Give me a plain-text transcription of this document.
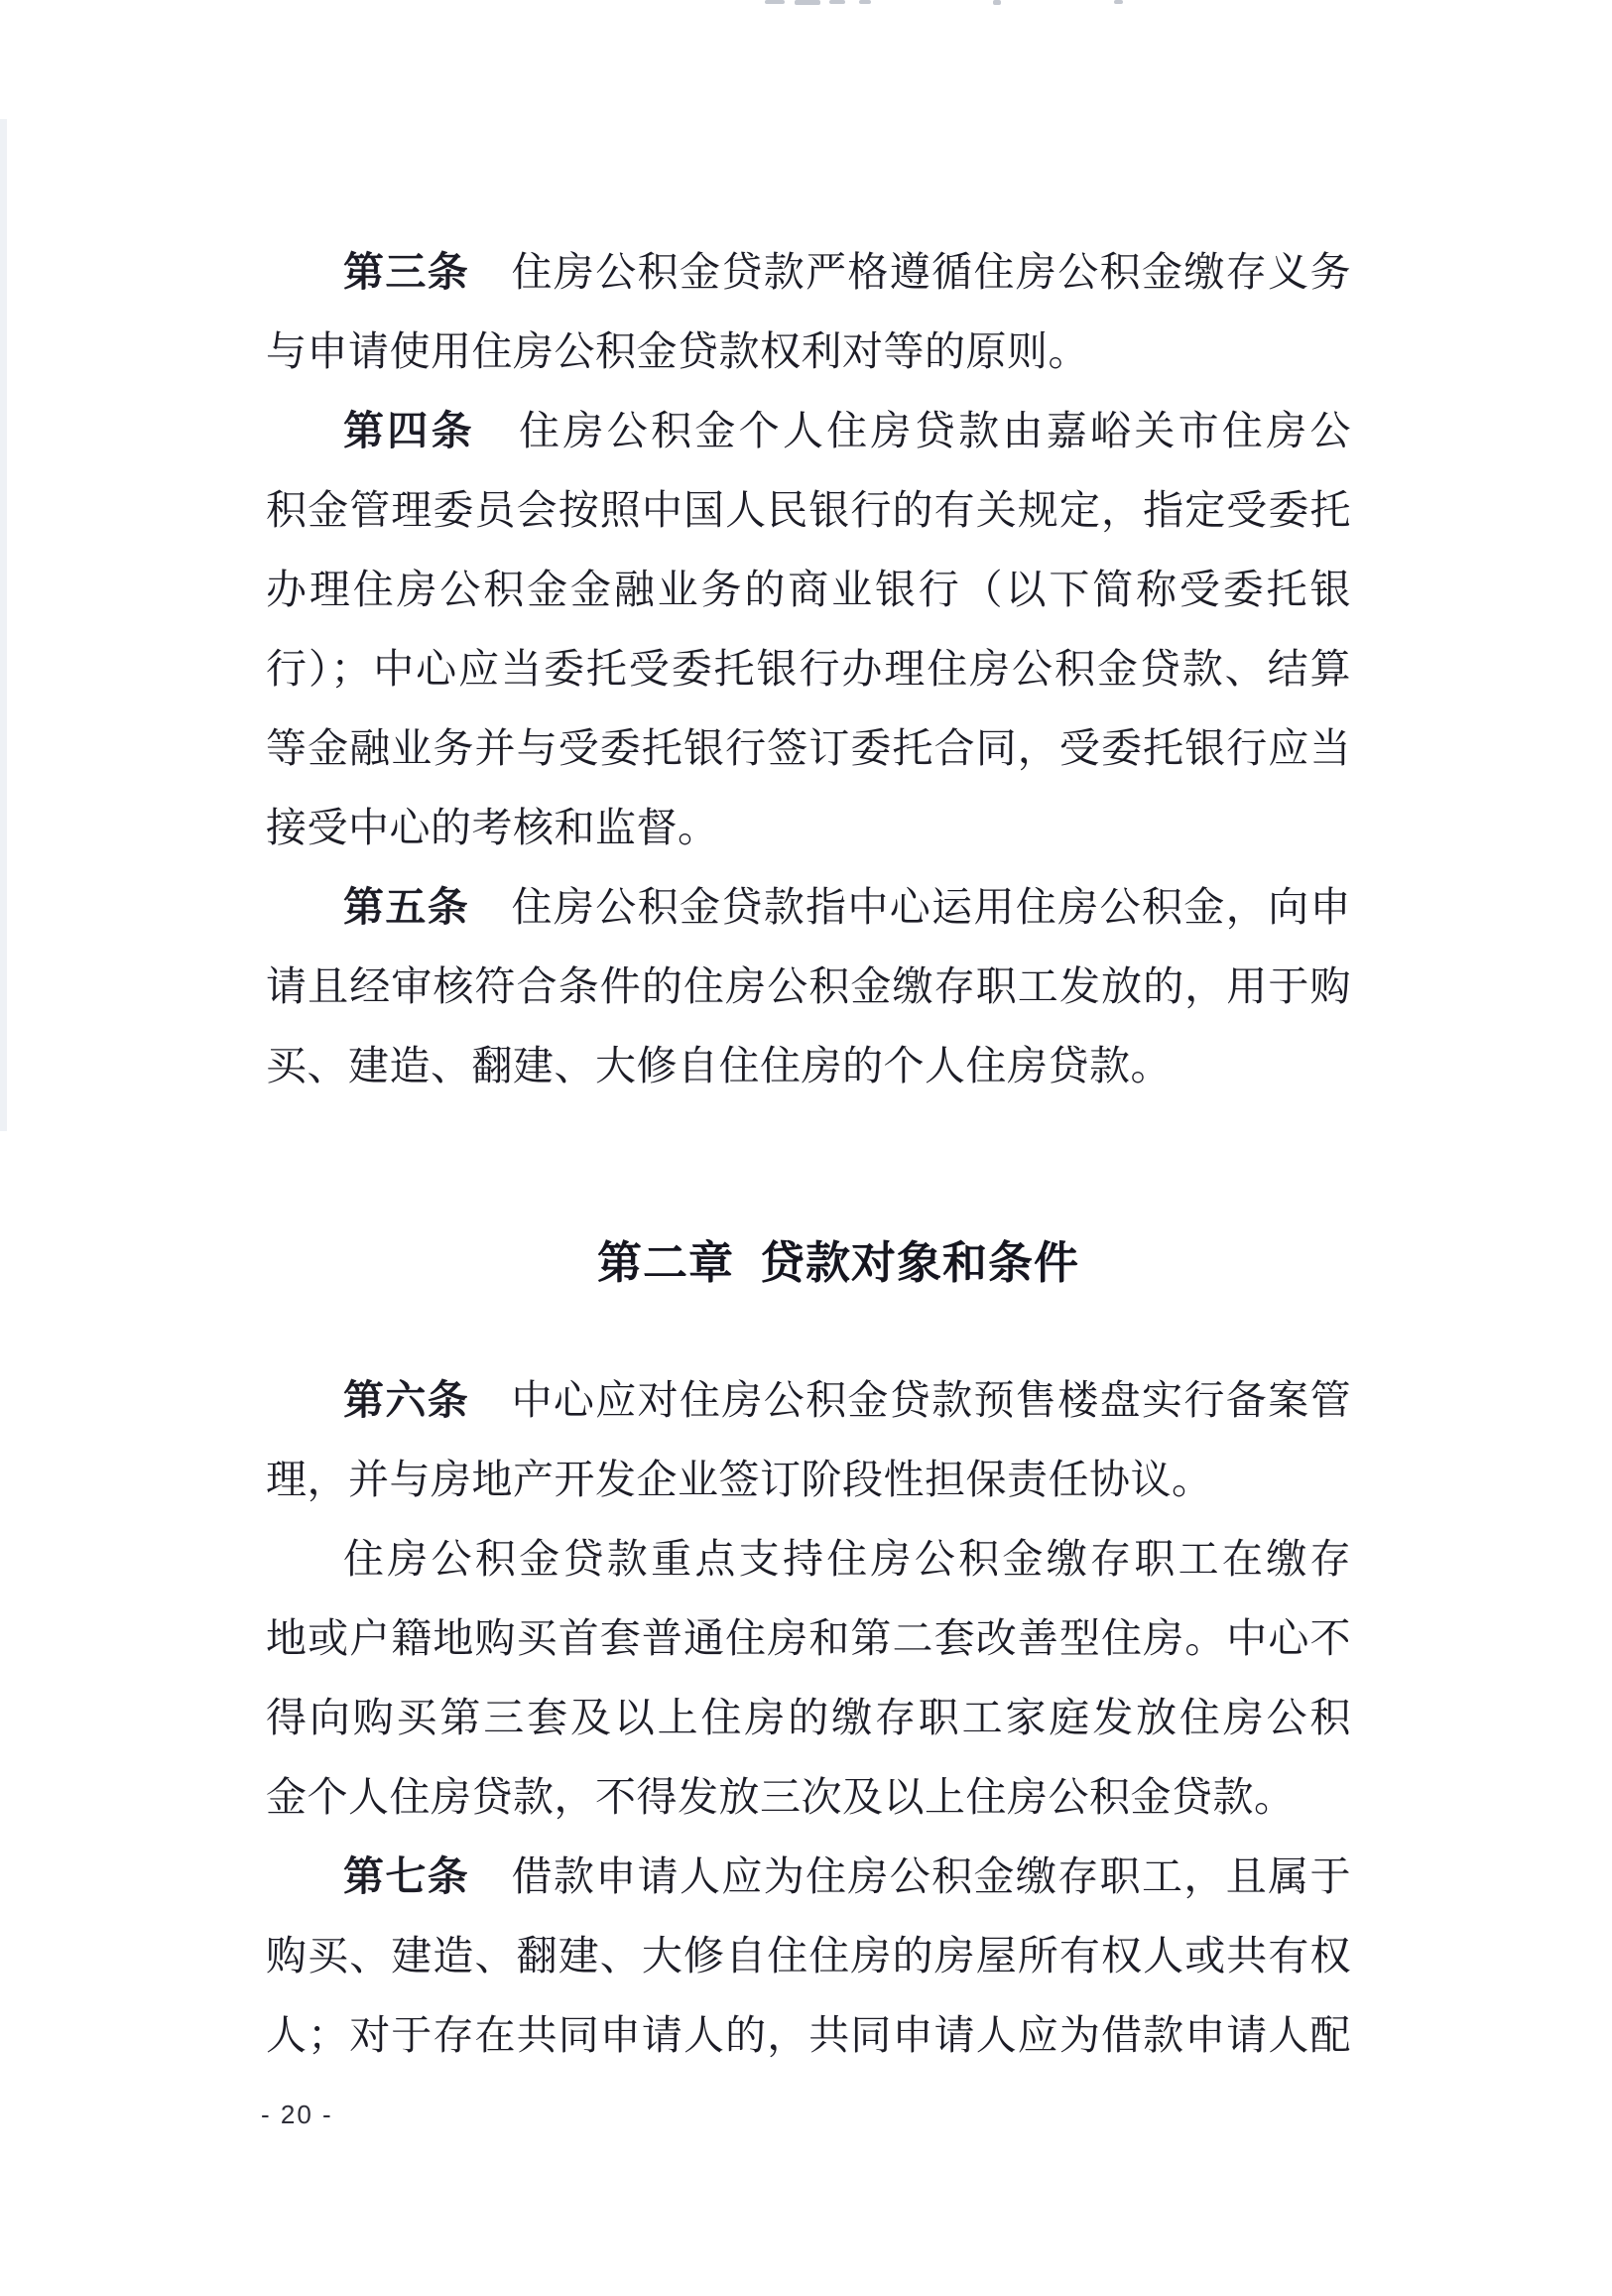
第三条　住房公积金贷款严格遵循住房公积金缴存义务
与申请使用住房公积金贷款权利对等的原则。
第四条　住房公积金个人住房贷款由嘉峪关市住房公
积金管理委员会按照中国人民银行的有关规定，指定受委托
办理住房公积金金融业务的商业银行（以下简称受委托银
行）；中心应当委托受委托银行办理住房公积金贷款、结算
等金融业务并与受委托银行签订委托合同，受委托银行应当
接受中心的考核和监督。
第五条　住房公积金贷款指中心运用住房公积金，向申
请且经审核符合条件的住房公积金缴存职工发放的，用于购
买、建造、翻建、大修自住住房的个人住房贷款。
第二章 贷款对象和条件
第六条　中心应对住房公积金贷款预售楼盘实行备案管
理，并与房地产开发企业签订阶段性担保责任协议。
住房公积金贷款重点支持住房公积金缴存职工在缴存
地或户籍地购买首套普通住房和第二套改善型住房。中心不
得向购买第三套及以上住房的缴存职工家庭发放住房公积
金个人住房贷款，不得发放三次及以上住房公积金贷款。
第七条　借款申请人应为住房公积金缴存职工，且属于
购买、建造、翻建、大修自住住房的房屋所有权人或共有权
人；对于存在共同申请人的，共同申请人应为借款申请人配
- 20 -
